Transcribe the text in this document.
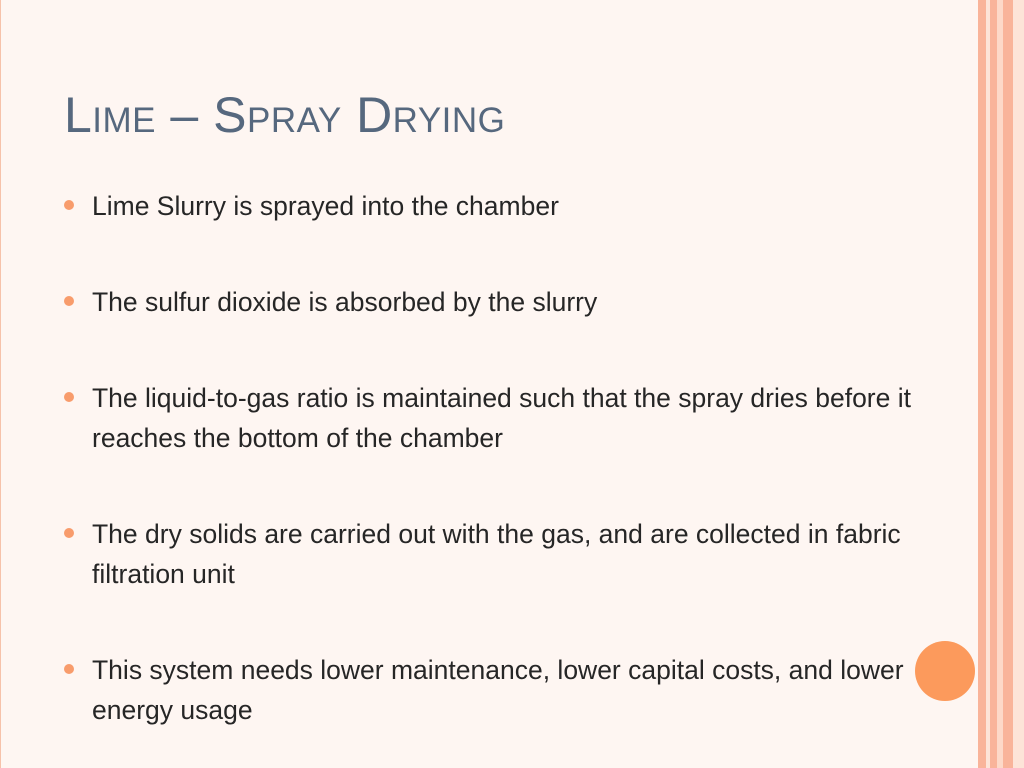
Lime – Spray Drying
Lime Slurry is sprayed into the chamber
The sulfur dioxide is absorbed by the slurry
The liquid-to-gas ratio is maintained such that the spray dries before it reaches the bottom of the chamber
The dry solids are carried out with the gas, and are collected in fabric filtration unit
This system needs lower maintenance, lower capital costs, and lower energy usage
